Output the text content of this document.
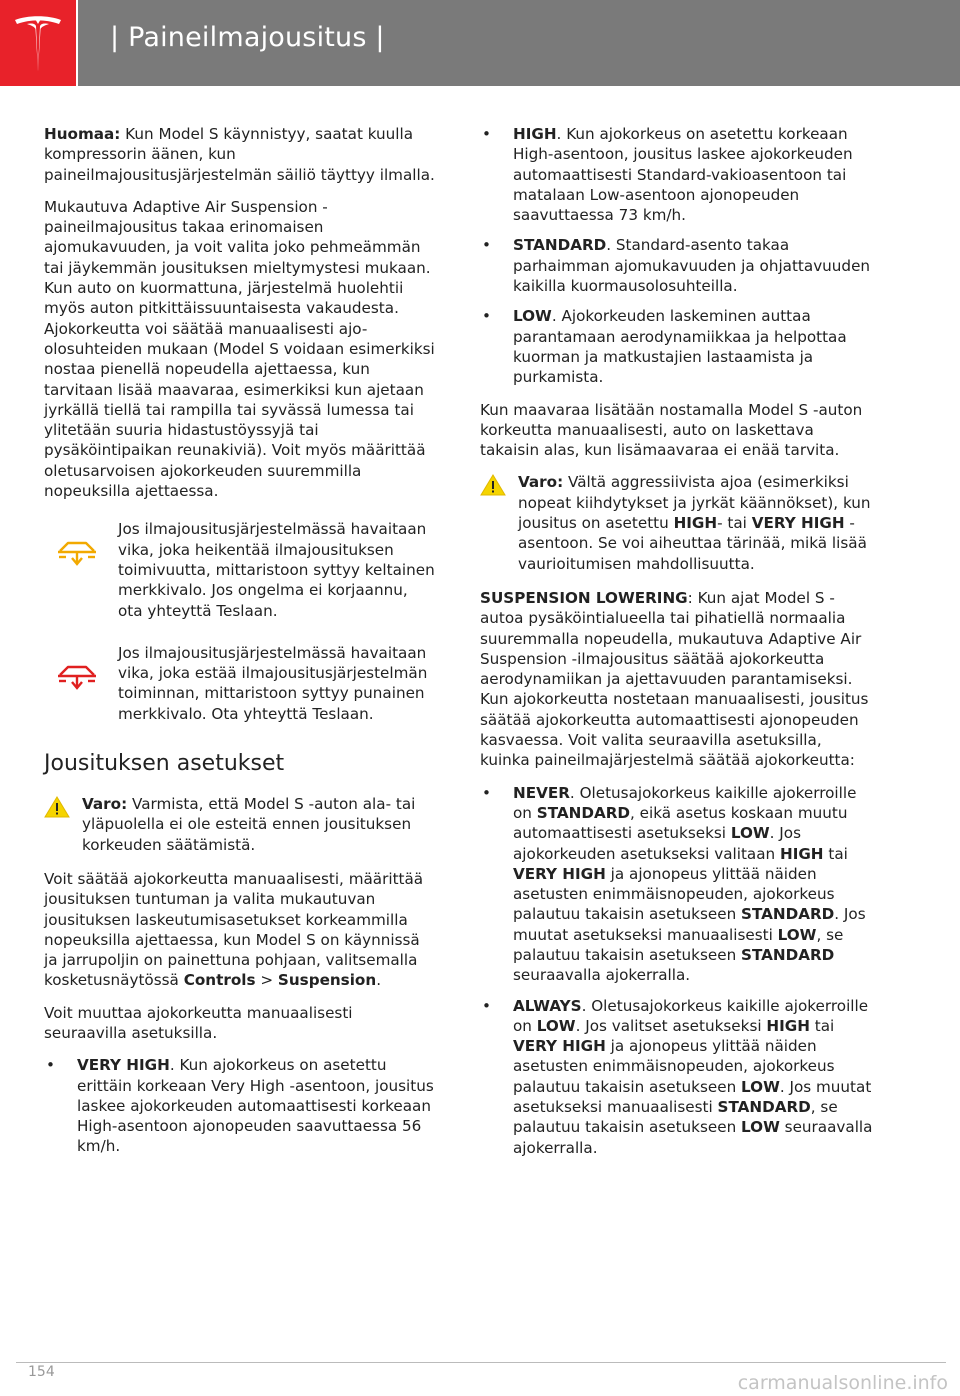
| Paineilmajousitus |

Huomaa: Kun Model S käynnistyy, saatat kuulla kompressorin äänen, kun paineilmajousitusjärjestelmän säiliö täyttyy ilmalla.

Mukautuva Adaptive Air Suspension -paineilmajousitus takaa erinomaisen ajomukavuuden, ja voit valita joko pehmeämmän tai jäykemmän jousituksen mieltymystesi mukaan. Kun auto on kuormattuna, järjestelmä huolehtii myös auton pitkittäissuuntaisesta vakaudesta. Ajokorkeutta voi säätää manuaalisesti ajo-olosuhteiden mukaan (Model S voidaan esimerkiksi nostaa pienellä nopeudella ajettaessa, kun tarvitaan lisää maavaraa, esimerkiksi kun ajetaan jyrkällä tiellä tai rampilla tai syvässä lumessa tai ylitetään suuria hidastustöyssyjä tai pysäköintipaikan reunakiviä). Voit myös määrittää oletusarvoisen ajokorkeuden suuremmilla nopeuksilla ajettaessa.

Jos ilmajousitusjärjestelmässä havaitaan vika, joka heikentää ilmajousituksen toimivuutta, mittaristoon syttyy keltainen merkkivalo. Jos ongelma ei korjaannu, ota yhteyttä Teslaan.
Jos ilmajousitusjärjestelmässä havaitaan vika, joka estää ilmajousitusjärjestelmän toiminnan, mittaristoon syttyy punainen merkkivalo. Ota yhteyttä Teslaan.
Jousituksen asetukset
Varo: Varmista, että Model S -auton ala- tai yläpuolella ei ole esteitä ennen jousituksen korkeuden säätämistä.

Voit säätää ajokorkeutta manuaalisesti, määrittää jousituksen tuntuman ja valita mukautuvan jousituksen laskeutumisasetukset korkeammilla nopeuksilla ajettaessa, kun Model S on käynnissä ja jarrupoljin on painettuna pohjaan, valitsemalla kosketusnäytössä Controls > Suspension.

Voit muuttaa ajokorkeutta manuaalisesti seuraavilla asetuksilla.

• VERY HIGH. Kun ajokorkeus on asetettu erittäin korkeaan Very High -asentoon, jousitus laskee ajokorkeuden automaattisesti korkeaan High-asentoon ajonopeuden saavuttaessa 56 km/h.
• HIGH. Kun ajokorkeus on asetettu korkeaan High-asentoon, jousitus laskee ajokorkeuden automaattisesti Standard-vakioasentoon tai matalaan Low-asentoon ajonopeuden saavuttaessa 73 km/h.
• STANDARD. Standard-asento takaa parhaimman ajomukavuuden ja ohjattavuuden kaikilla kuormausolosuhteilla.
• LOW. Ajokorkeuden laskeminen auttaa parantamaan aerodynamiikkaa ja helpottaa kuorman ja matkustajien lastaamista ja purkamista.

Kun maavaraa lisätään nostamalla Model S -auton korkeutta manuaalisesti, auto on laskettava takaisin alas, kun lisämaavaraa ei enää tarvita.

Varo: Vältä aggressiivista ajoa (esimerkiksi nopeat kiihdytykset ja jyrkät käännökset), kun jousitus on asetettu HIGH- tai VERY HIGH -asentoon. Se voi aiheuttaa tärinää, mikä lisää vaurioitumisen mahdollisuutta.

SUSPENSION LOWERING: Kun ajat Model S -autoa pysäköintialueella tai pihatiellä normaalia suuremmalla nopeudella, mukautuva Adaptive Air Suspension -ilmajousitus säätää ajokorkeutta aerodynamiikan ja ajettavuuden parantamiseksi. Kun ajokorkeutta nostetaan manuaalisesti, jousitus säätää ajokorkeutta automaattisesti ajonopeuden kasvaessa. Voit valita seuraavilla asetuksilla, kuinka paineilmajärjestelmä säätää ajokorkeutta:

• NEVER. Oletusajokorkeus kaikille ajokerroille on STANDARD, eikä asetus koskaan muutu automaattisesti asetukseksi LOW. Jos ajokorkeuden asetukseksi valitaan HIGH tai VERY HIGH ja ajonopeus ylittää näiden asetusten enimmäisnopeuden, ajokorkeus palautuu takaisin asetukseen STANDARD. Jos muutat asetukseksi manuaalisesti LOW, se palautuu takaisin asetukseen STANDARD seuraavalla ajokerralla.
• ALWAYS. Oletusajokorkeus kaikille ajokerroille on LOW. Jos valitset asetukseksi HIGH tai VERY HIGH ja ajonopeus ylittää näiden asetusten enimmäisnopeuden, ajokorkeus palautuu takaisin asetukseen LOW. Jos muutat asetukseksi manuaalisesti STANDARD, se palautuu takaisin asetukseen LOW seuraavalla ajokerralla.
154	carmanualsonline.info
